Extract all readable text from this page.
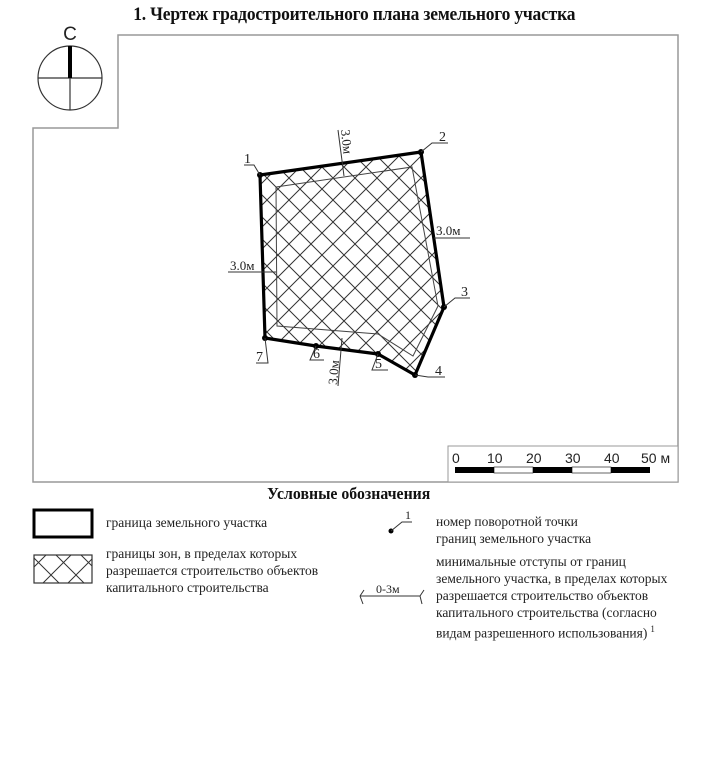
1. Чертеж градостроительного плана земельного участка
С
1
2
3
4
5
6
7
3.0м
3.0м
3.0м
3.0м
0 10 20 30 40 50 м
1
0-3м
Условные обозначения
граница земельного участка
границы зон, в пределах которых
разрешается строительство объектов
капитального строительства
номер поворотной точки
границ земельного участка
минимальные отступы от границ
земельного участка, в пределах которых
разрешается строительство объектов
капитального строительства (согласно
видам разрешенного использования) $^1$
